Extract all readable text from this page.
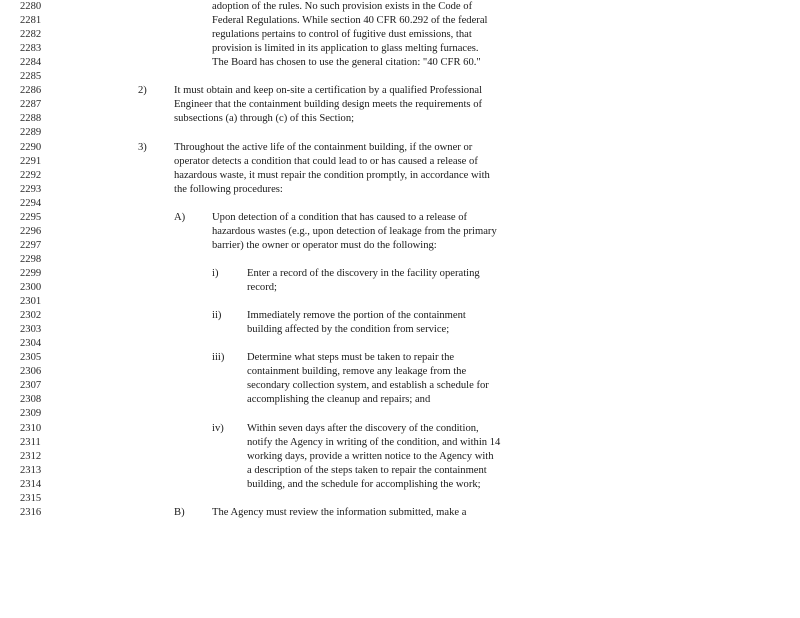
2280	adoption of the rules. No such provision exists in the Code of
2281	Federal Regulations. While section 40 CFR 60.292 of the federal
2282	regulations pertains to control of fugitive dust emissions, that
2283	provision is limited in its application to glass melting furnaces.
2284	The Board has chosen to use the general citation: "40 CFR 60."
2285
2286	2)	It must obtain and keep on-site a certification by a qualified Professional
2287	Engineer that the containment building design meets the requirements of
2288	subsections (a) through (c) of this Section;
2289
2290	3)	Throughout the active life of the containment building, if the owner or
2291	operator detects a condition that could lead to or has caused a release of
2292	hazardous waste, it must repair the condition promptly, in accordance with
2293	the following procedures:
2294
2295	A)	Upon detection of a condition that has caused to a release of
2296	hazardous wastes (e.g., upon detection of leakage from the primary
2297	barrier) the owner or operator must do the following:
2298
2299	i)	Enter a record of the discovery in the facility operating
2300	record;
2301
2302	ii) Immediately remove the portion of the containment
2303	building affected by the condition from service;
2304
2305	iii) Determine what steps must be taken to repair the
2306	containment building, remove any leakage from the
2307	secondary collection system, and establish a schedule for
2308	accomplishing the cleanup and repairs; and
2309
2310	iv) Within seven days after the discovery of the condition,
2311	notify the Agency in writing of the condition, and within 14
2312	working days, provide a written notice to the Agency with
2313	a description of the steps taken to repair the containment
2314	building, and the schedule for accomplishing the work;
2315
2316	B)	The Agency must review the information submitted, make a
